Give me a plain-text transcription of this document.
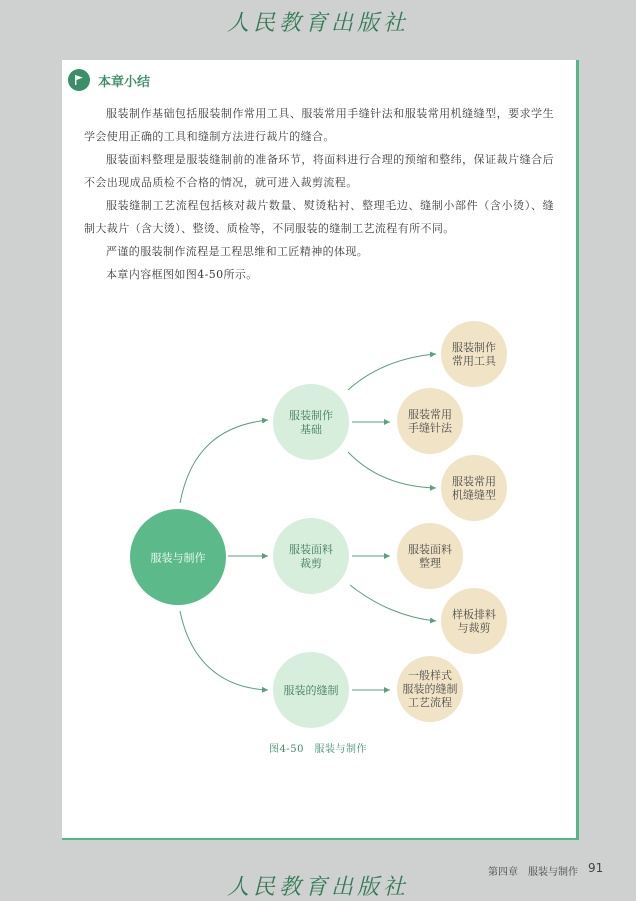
人民教育出版社
本章小结

服装制作基础包括服装制作常用工具、服装常用手缝针法和服装常用机缝缝型，要求学生学会使用正确的工具和缝制方法进行裁片的缝合。

服装面料整理是服装缝制前的准备环节，将面料进行合理的预缩和整纬，保证裁片缝合后不会出现成品质检不合格的情况，就可进入裁剪流程。

服装缝制工艺流程包括核对裁片数量、熨烫粘衬、整理毛边、缝制小部件（含小烫）、缝制大裁片（含大烫）、整烫、质检等，不同服装的缝制工艺流程有所不同。

严谨的服装制作流程是工程思维和工匠精神的体现。

本章内容框图如图4-50所示。

服装与制作
服装制作
基础
服装面料
裁剪
服装的缝制
服装制作
常用工具
服装常用
手缝针法
服装常用
机缝缝型
服装面料
整理
样板排料
与裁剪
一般样式
服装的缝制
工艺流程
图4-50　服装与制作
第四章　服装与制作 91
人民教育出版社
